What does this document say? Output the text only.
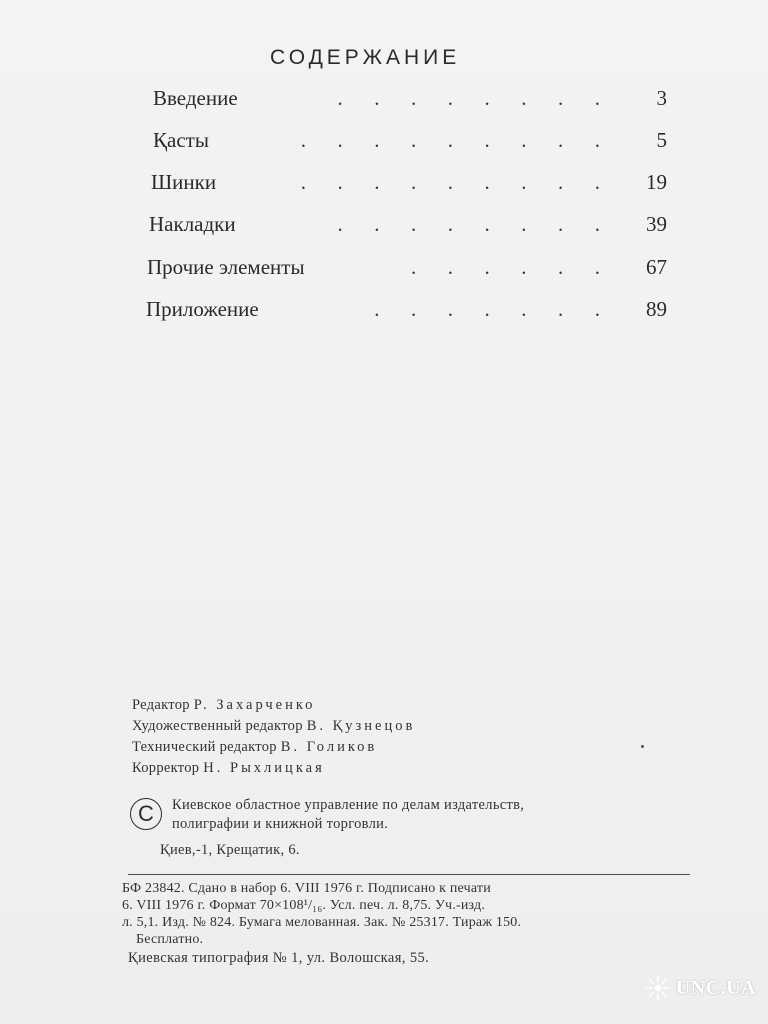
СОДЕРЖАНИЕ
Введение	.      .      .      .      .      .      .      .	3
Қасты	.      .      .      .      .      .      .      .      .	5
Шинки	.      .      .      .      .      .      .      .      .	19
Накладки	.      .      .      .      .      .      .      .	39
Прочие элементы	.      .      .      .      .      .	67
Приложение	.      .      .      .      .      .      .	89
Редактор Р. Захарченко
Художественный редактор В. Қузнецов
Технический редактор В. Голиков
Корректор Н. Рыхлицкая
C	Киевское областное управление по делам издательств,
полиграфии и книжной торговли.
Қиев,-1, Крещатик, 6.
БФ 23842. Сдано в набор 6. VIII 1976 г. Подписано к печати
6. VIII 1976 г. Формат 70×108¹/₁₆. Усл. печ. л. 8,75. Уч.-изд.
л. 5,1. Изд. № 824. Бумага мелованная. Зак. № 25317. Тираж 150.
Бесплатно.
Қиевская типография № 1, ул. Волошская, 55.
UNC.UA
